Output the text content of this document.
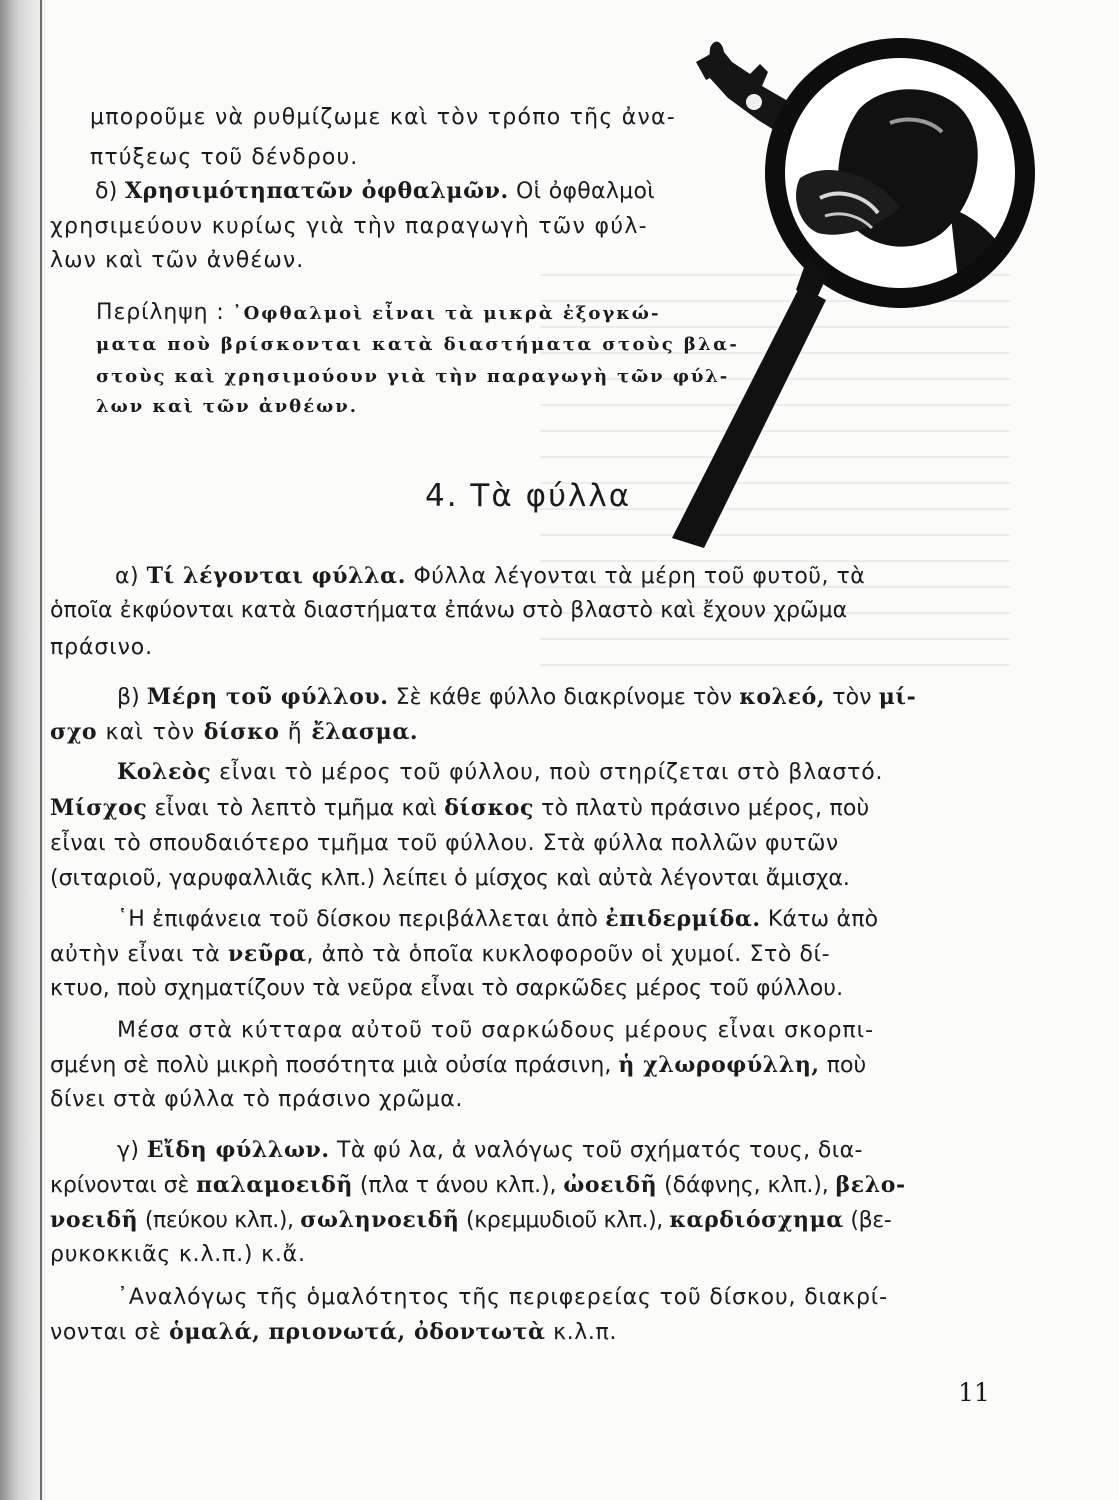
μποροῦμε νὰ ρυθμίζωμε καὶ τὸν τρόπο τῆς ἀνα-

πτύξεως τοῦ δένδρου.

δ) Χρησιμότηπατῶν ὀφθαλμῶν. Οἱ ὀφθαλμοὶ

χρησιμεύουν κυρίως γιὰ τὴν παραγωγὴ τῶν φύλ-

λων καὶ τῶν ἀνθέων.

Περίληψη : ᾿Οφθαλμοὶ εἶναι τὰ μικρὰ ἐξογκώ-

ματα ποὺ βρίσκονται κατὰ διαστήματα στοὺς βλα-

στοὺς καὶ χρησιμούουν γιὰ τὴν παραγωγὴ τῶν φύλ-

λων καὶ τῶν ἀνθέων.

4. Τὰ φύλλα

α) Τί λέγονται φύλλα. Φύλλα λέγονται τὰ μέρη τοῦ φυτοῦ, τὰ

ὁποῖα ἐκφύονται κατὰ διαστήματα ἐπάνω στὸ βλαστὸ καὶ ἔχουν χρῶμα

πράσινο.

β) Μέρη τοῦ φύλλου. Σὲ κάθε φύλλο διακρίνομε τὸν κολεό, τὸν μί-

σχο καὶ τὸν δίσκο ἤ ἔλασμα.

Κολεὸς εἶναι τὸ μέρος τοῦ φύλλου, ποὺ στηρίζεται στὸ βλαστό.

Μίσχος εἶναι τὸ λεπτὸ τμῆμα καὶ δίσκος τὸ πλατὺ πράσινο μέρος, ποὺ

εἶναι τὸ σπουδαιότερο τμῆμα τοῦ φύλλου. Στὰ φύλλα πολλῶν φυτῶν

(σιταριοῦ, γαρυφαλλιᾶς κλπ.) λείπει ὁ μίσχος καὶ αὐτὰ λέγονται ἄμισχα.

῾Η ἐπιφάνεια τοῦ δίσκου περιβάλλεται ἀπὸ ἐπιδερμίδα. Κάτω ἀπὸ

αὐτὴν εἶναι τὰ νεῦρα, ἀπὸ τὰ ὁποῖα κυκλοφοροῦν οἱ χυμοί. Στὸ δί-

κτυο, ποὺ σχηματίζουν τὰ νεῦρα εἶναι τὸ σαρκῶδες μέρος τοῦ φύλλου.

Μέσα στὰ κύτταρα αὐτοῦ τοῦ σαρκώδους μέρους εἶναι σκορπι-

σμένη σὲ πολὺ μικρὴ ποσότητα μιὰ οὐσία πράσινη, ἡ χλωροφύλλη, ποὺ

δίνει στὰ φύλλα τὸ πράσινο χρῶμα.

γ) Εἴδη φύλλων. Τὰ φύ λα, ἀ ναλόγως τοῦ σχήματός τους, δια-

κρίνονται σὲ παλαμοειδῆ (πλα τ άνου κλπ.), ὠοειδῆ (δάφνης, κλπ.), βελο-

νοειδῆ (πεύκου κλπ.), σωληνοειδῆ (κρεμμυδιοῦ κλπ.), καρδιόσχημα (βε-

ρυκοκκιᾶς κ.λ.π.) κ.ἄ.

᾿Αναλόγως τῆς ὁμαλότητος τῆς περιφερείας τοῦ δίσκου, διακρί-

νονται σὲ ὁμαλά, πριονωτά, ὀδοντωτὰ κ.λ.π.

11
